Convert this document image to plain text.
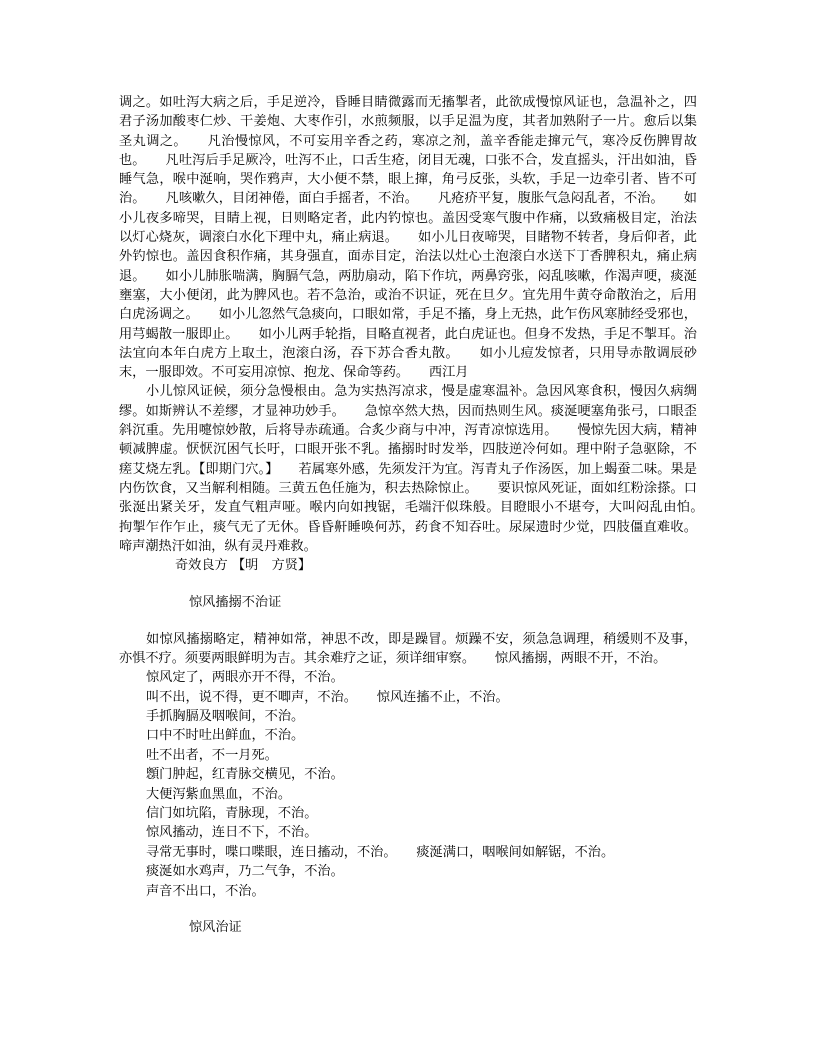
调之。如吐泻大病之后，手足逆冷，昏睡目睛微露而无搐掣者，此欲成慢惊风证也，急温补之，四君子汤加酸枣仁炒、干姜炮、大枣作引，水煎频服，以手足温为度，其者加熟附子一片。愈后以集圣丸调之。　　凡治慢惊风，不可妄用辛香之药，寒凉之剂，盖辛香能走撺元气，寒冷反伤脾胃故也。　　凡吐泻后手足厥冷，吐泻不止，口舌生疮，闭目无魂，口张不合，发直摇头，汗出如油，昏睡气急，喉中涎响，哭作鸦声，大小便不禁，眼上撺，角弓反张，头软，手足一边牵引者、皆不可治。　　凡咳嗽久，目闭神倦，面白手摇者，不治。　　凡疮疥平复，腹胀气急闷乱者，不治。　　如小儿夜多啼哭，目睛上视，日则略定者，此内钓惊也。盖因受寒气腹中作痛，以致痛极目定，治法以灯心烧灰，调滚白水化下理中丸，痛止病退。　　如小儿日夜啼哭，目睹物不转者，身后仰者，此外钓惊也。盖因食积作痛，其身强直，面赤目定，治法以灶心土泡滚白水送下丁香脾积丸，痛止病退。　　如小儿肺胀喘满，胸膈气急，两肋扇动，陷下作坑，两鼻窍张，闷乱咳嗽，作渴声哽，痰涎壅塞，大小便闭，此为脾风也。若不急治，或治不识证，死在旦夕。宜先用牛黄夺命散治之，后用白虎汤调之。　　如小儿忽然气急痰向，口眼如常，手足不搐，身上无热，此乍伤风寒肺经受邪也，用芎蝎散一服即止。　　如小儿两手轮指，目略直视者，此白虎证也。但身不发热，手足不掣耳。治法宜向本年白虎方上取土，泡滚白汤，吞下苏合香丸散。　　如小儿痘发惊者，只用导赤散调辰砂末，一服即效。不可妄用凉惊、抱龙、保命等药。　　西江月

小儿惊风证候，须分急慢根由。急为实热泻凉求，慢是虚寒温补。急因风寒食积，慢因久病绸缪。如斯辨认不差缪，才显神功妙手。　　急惊卒然大热，因而热则生风。痰涎哽塞角张弓，口眼歪斜沉重。先用嚏惊妙散，后将导赤疏通。合炙少商与中冲，泻青凉惊选用。　　慢惊先因大病，精神顿减脾虚。恹恹沉困气长吁，口眼开张不乳。搐搦时时发举，四肢逆冷何如。理中附子急驱除，不瘥艾烧左乳。【即期门穴。】　　若属寒外感，先须发汗为宜。泻青丸子作汤医，加上蝎蚕二味。果是内伤饮食，又当解利相随。三黄五色任施为，积去热除惊止。　　要识惊风死证，面如红粉涂搽。口张涎出紧关牙，发直气粗声哑。喉内向如拽锯，毛端汗似珠般。目瞪眼小不堪夸，大叫闷乱由怕。　　拘掣乍作乍止，痰气无了无休。昏昏鼾睡唤何苏，药食不知吞吐。尿屎遗时少觉，四肢僵直难收。啼声潮热汗如油，纵有灵丹难救。

奇效良方 【明　方贤】

惊风搐搦不治证

如惊风搐搦略定，精神如常，神思不改，即是躁冒。烦躁不安，须急急调理，稍缓则不及事，亦惧不疗。须要两眼鲜明为吉。其余难疗之证，须详细审察。　　惊风搐搦，两眼不开，不治。

惊风定了，两眼亦开不得，不治。

叫不出，说不得，更不唧声，不治。　　惊风连搐不止，不治。

手抓胸膈及咽喉间，不治。

口中不时吐出鲜血，不治。

吐不出者，不一月死。

顖门肿起，红青脉交横见，不治。

大便泻紫血黑血，不治。

信门如坑陷，青脉现，不治。

惊风搐动，连日不下，不治。

寻常无事时，喋口喋眼，连日搐动，不治。　　痰涎满口，咽喉间如解锯，不治。

痰涎如水鸡声，乃二气争，不治。

声音不出口，不治。

惊风治证
